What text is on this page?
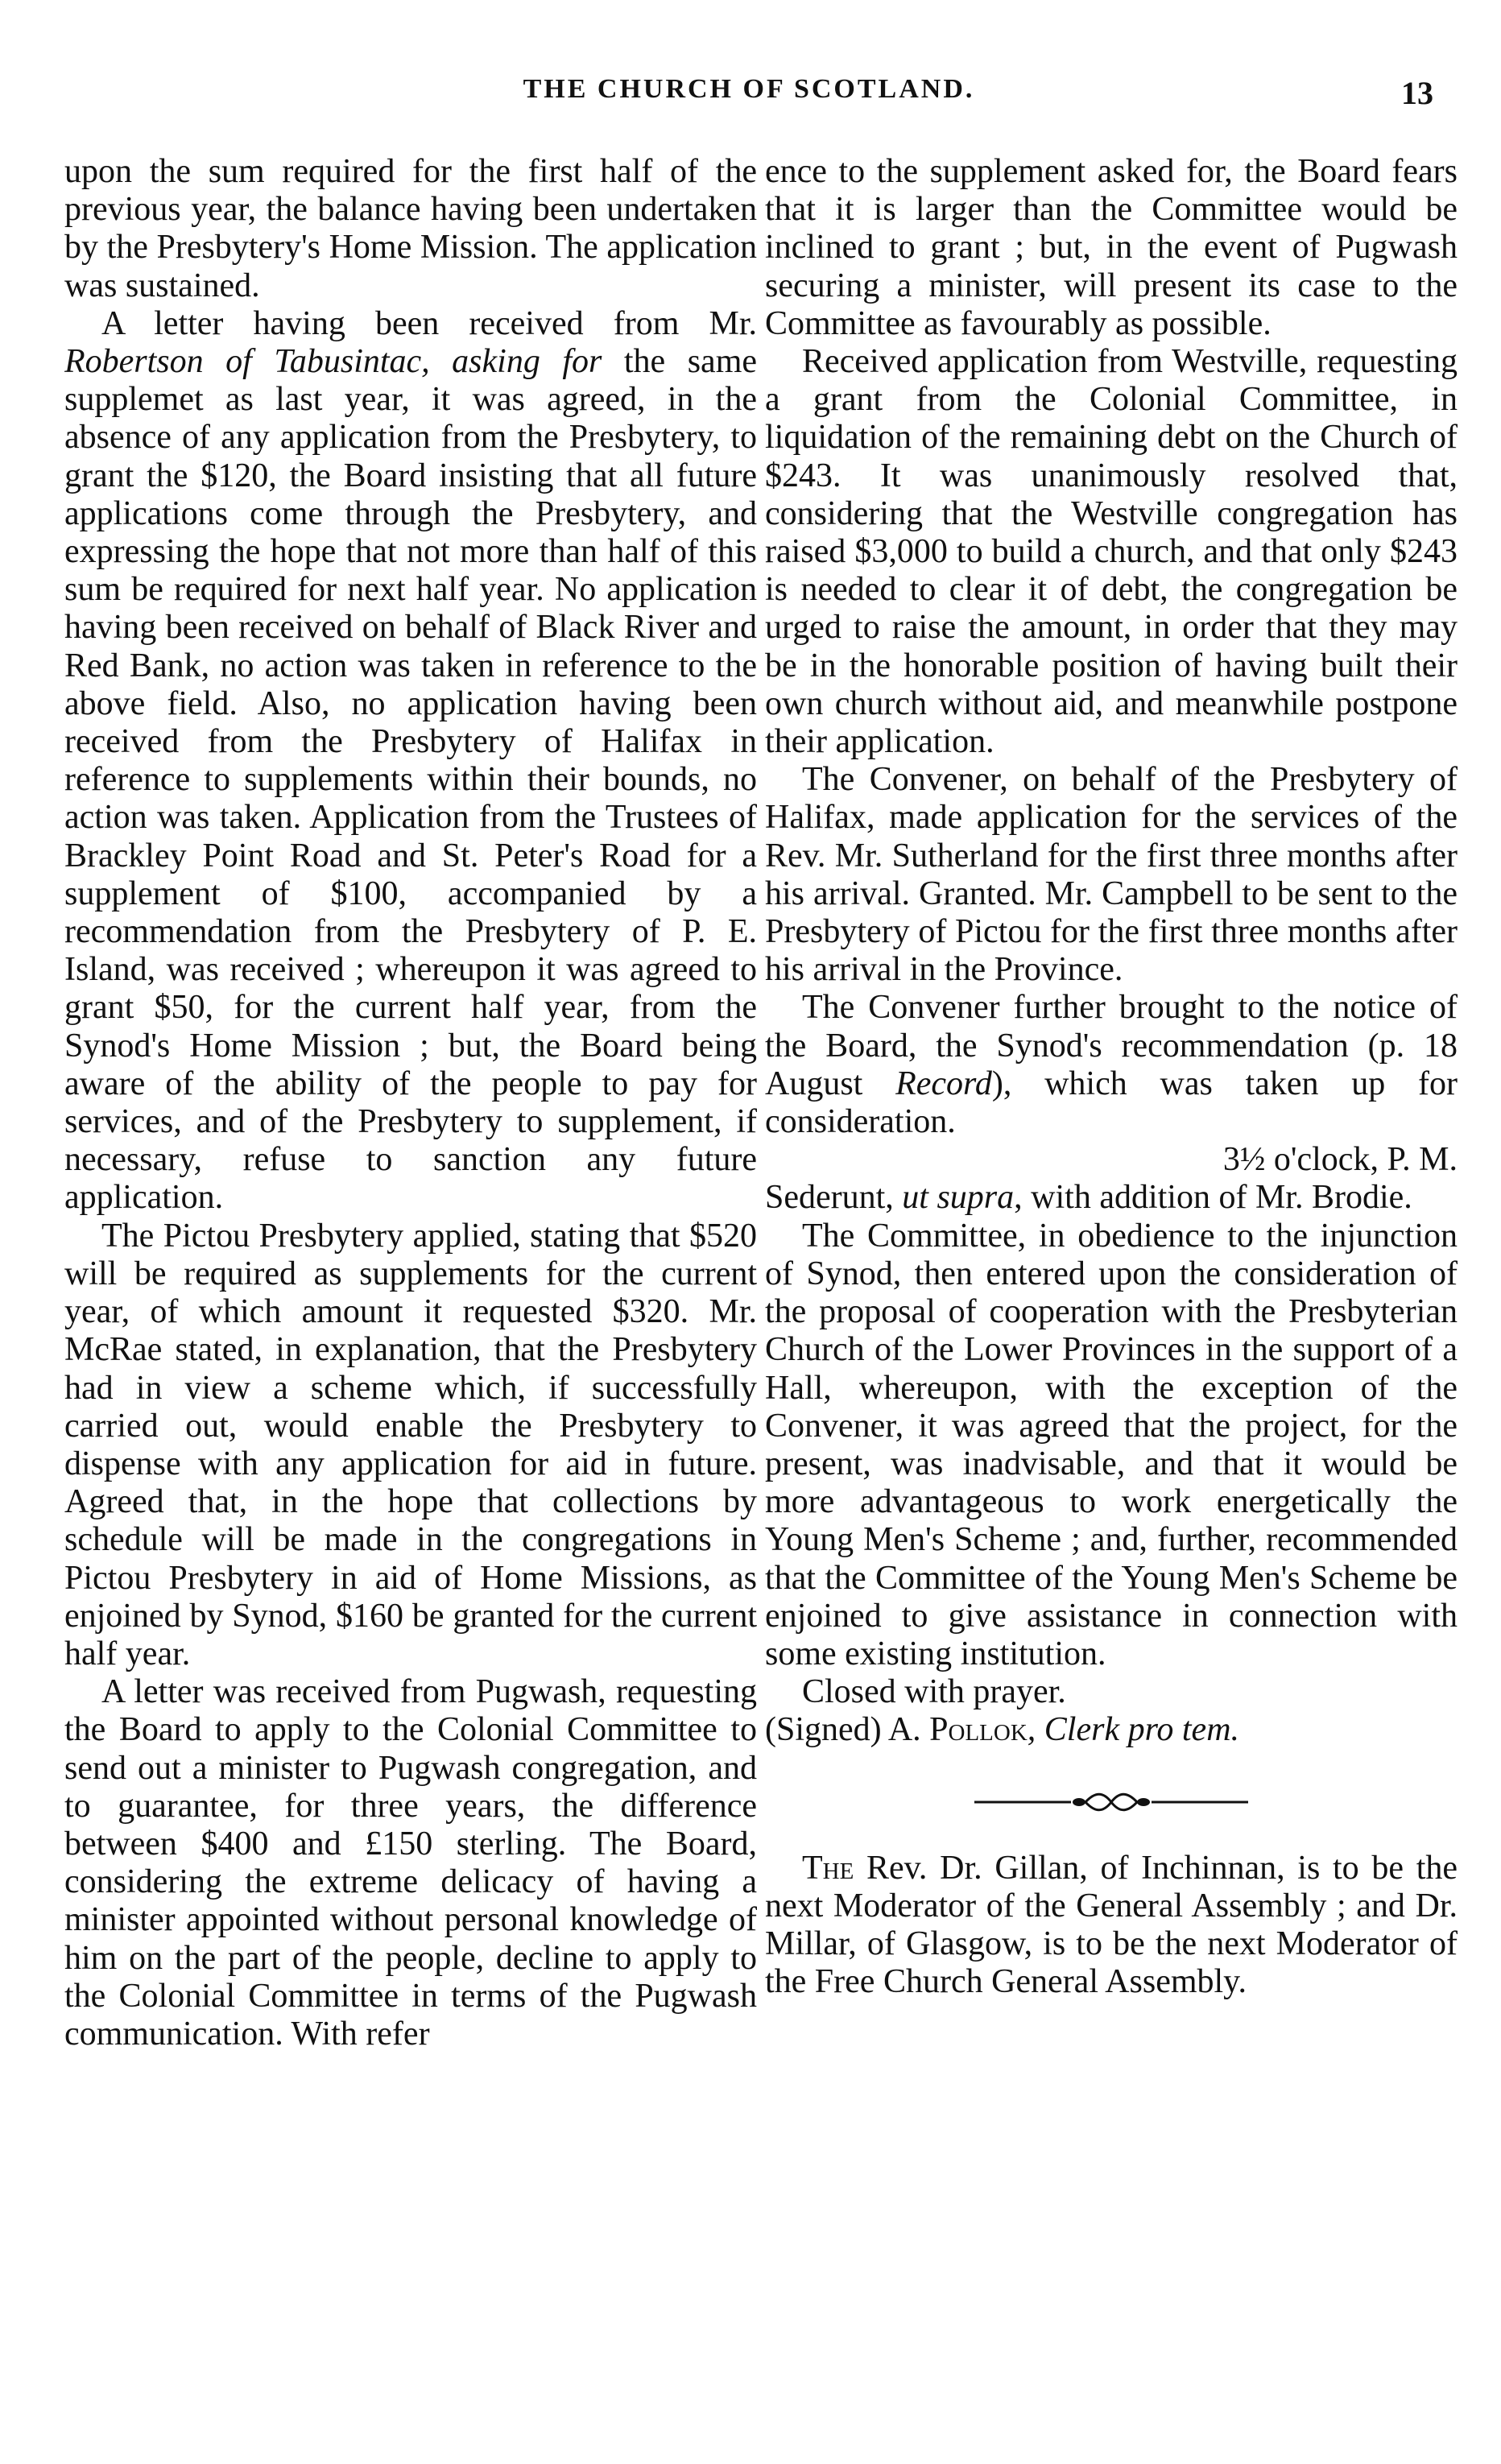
THE CHURCH OF SCOTLAND.	13

upon the sum required for the first half of the previous year, the balance having been undertaken by the Presbytery's Home Mission. The application was sustained.

A letter having been received from Mr. Robertson of Tabusintac, asking for the same supplemet as last year, it was agreed, in the absence of any application from the Presbytery, to grant the $120, the Board insisting that all future applications come through the Presbytery, and expressing the hope that not more than half of this sum be required for next half year. No application having been received on behalf of Black River and Red Bank, no action was taken in reference to the above field. Also, no application having been received from the Presbytery of Halifax in reference to supplements within their bounds, no action was taken. Application from the Trustees of Brackley Point Road and St. Peter's Road for a supplement of $100, accompanied by a recommendation from the Presbytery of P. E. Island, was received ; whereupon it was agreed to grant $50, for the current half year, from the Synod's Home Mission ; but, the Board being aware of the ability of the people to pay for services, and of the Presbytery to supplement, if necessary, refuse to sanction any future application.

The Pictou Presbytery applied, stating that $520 will be required as supplements for the current year, of which amount it requested $320. Mr. McRae stated, in explanation, that the Presbytery had in view a scheme which, if successfully carried out, would enable the Presbytery to dispense with any application for aid in future. Agreed that, in the hope that collections by schedule will be made in the congregations in Pictou Presbytery in aid of Home Missions, as enjoined by Synod, $160 be granted for the current half year.

A letter was received from Pugwash, requesting the Board to apply to the Colonial Committee to send out a minister to Pugwash congregation, and to guarantee, for three years, the difference between $400 and £150 sterling. The Board, considering the extreme delicacy of having a minister appointed without personal knowledge of him on the part of the people, decline to apply to the Colonial Committee in terms of the Pugwash communication. With refer

ence to the supplement asked for, the Board fears that it is larger than the Committee would be inclined to grant ; but, in the event of Pugwash securing a minister, will present its case to the Committee as favourably as possible.

Received application from Westville, requesting a grant from the Colonial Committee, in liquidation of the remaining debt on the Church of $243. It was unanimously resolved that, considering that the Westville congregation has raised $3,000 to build a church, and that only $243 is needed to clear it of debt, the congregation be urged to raise the amount, in order that they may be in the honorable position of having built their own church without aid, and meanwhile postpone their application.

The Convener, on behalf of the Presbytery of Halifax, made application for the services of the Rev. Mr. Sutherland for the first three months after his arrival. Granted. Mr. Campbell to be sent to the Presbytery of Pictou for the first three months after his arrival in the Province.

The Convener further brought to the notice of the Board, the Synod's recommendation (p. 18 August Record), which was taken up for consideration.

3½ o'clock, P. M.

Sederunt, ut supra, with addition of Mr. Brodie.

The Committee, in obedience to the injunction of Synod, then entered upon the consideration of the proposal of cooperation with the Presbyterian Church of the Lower Provinces in the support of a Hall, whereupon, with the exception of the Convener, it was agreed that the project, for the present, was inadvisable, and that it would be more advantageous to work energetically the Young Men's Scheme ; and, further, recommended that the Committee of the Young Men's Scheme be enjoined to give assistance in connection with some existing institution.

Closed with prayer.

(Signed) A. Pollok, Clerk pro tem.

The Rev. Dr. Gillan, of Inchinnan, is to be the next Moderator of the General Assembly ; and Dr. Millar, of Glasgow, is to be the next Moderator of the Free Church General Assembly.
